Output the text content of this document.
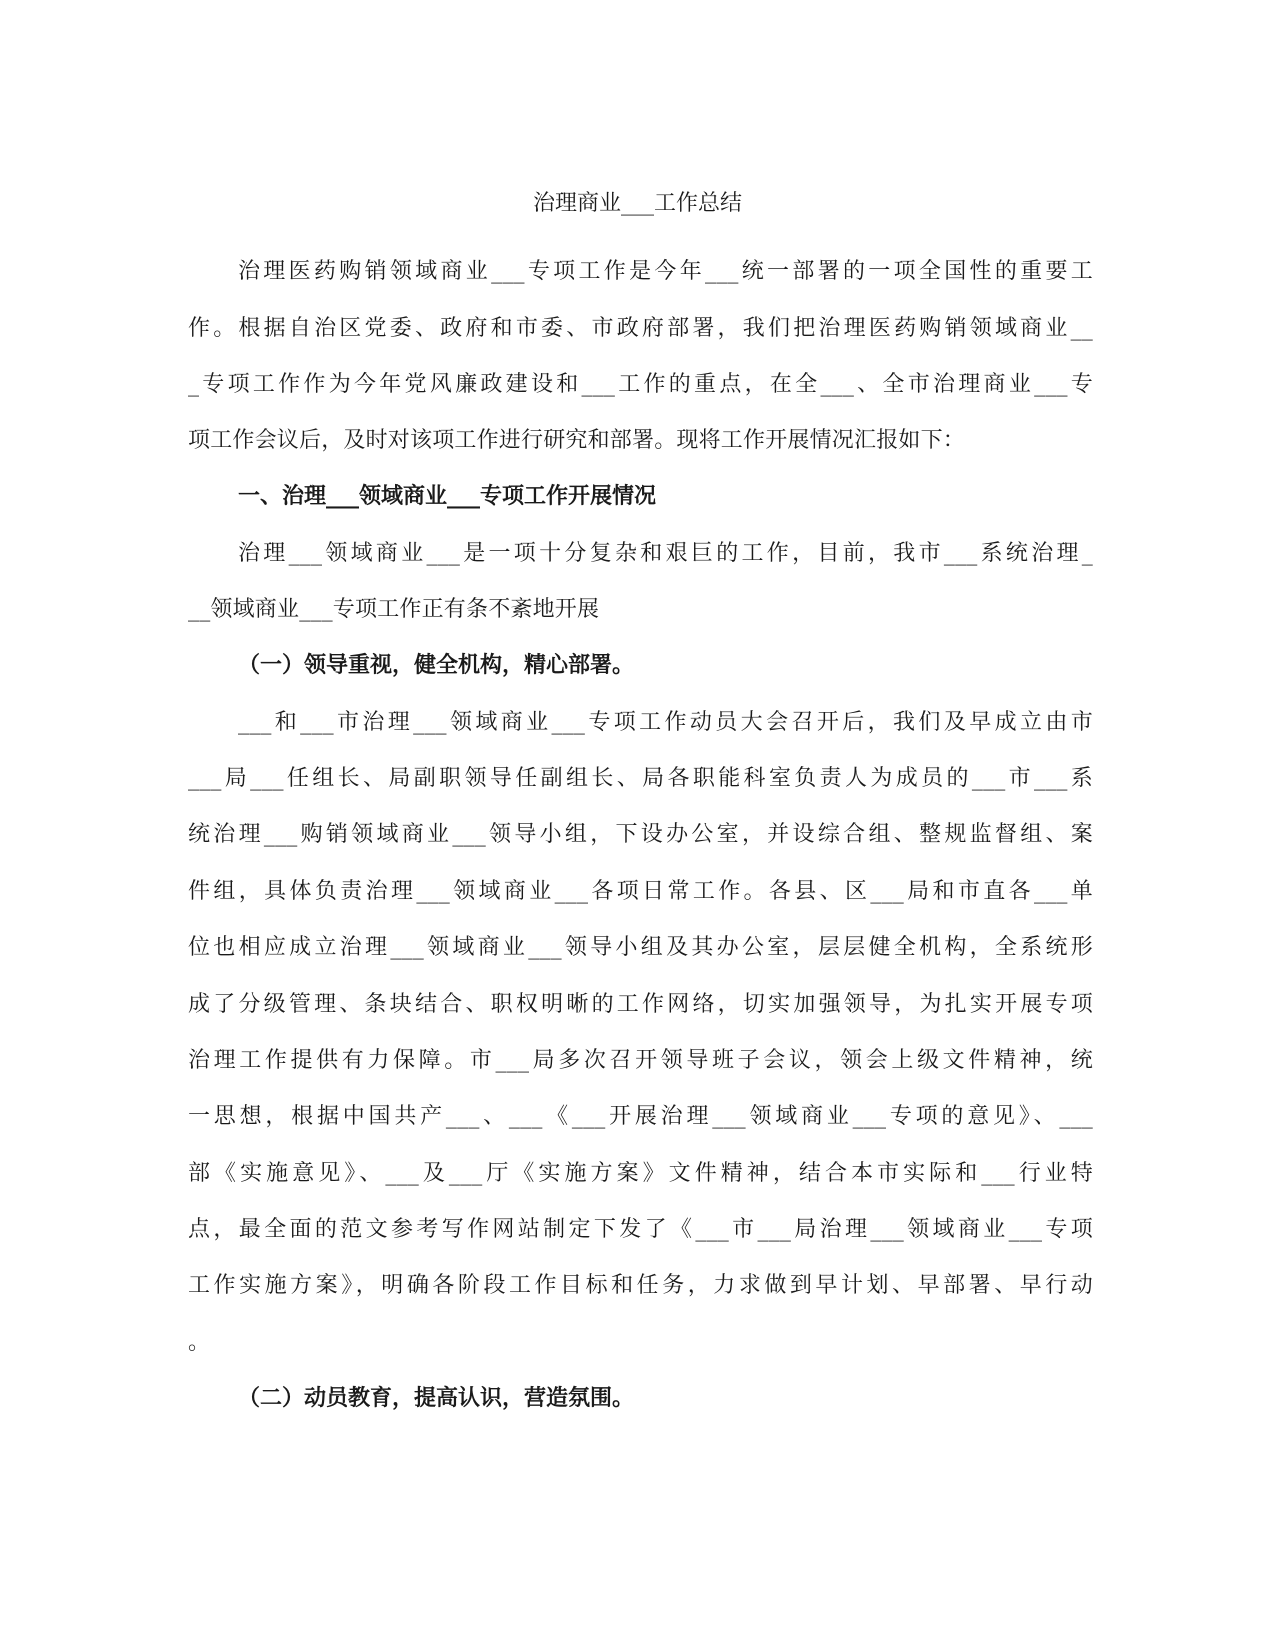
治理商业___工作总结

治理医药购销领域商业___专项工作是今年___统一部署的一项全国性的重要工

作。根据自治区党委、政府和市委、市政府部署，我们把治理医药购销领域商业__

_专项工作作为今年党风廉政建设和___工作的重点，在全___、全市治理商业___专

项工作会议后，及时对该项工作进行研究和部署。现将工作开展情况汇报如下：

一、治理___领域商业___专项工作开展情况

治理___领域商业___是一项十分复杂和艰巨的工作，目前，我市___系统治理_

__领域商业___专项工作正有条不紊地开展

（一）领导重视，健全机构，精心部署。

___和___市治理___领域商业___专项工作动员大会召开后，我们及早成立由市

___局___任组长、局副职领导任副组长、局各职能科室负责人为成员的___市___系

统治理___购销领域商业___领导小组，下设办公室，并设综合组、整规监督组、案

件组，具体负责治理___领域商业___各项日常工作。各县、区___局和市直各___单

位也相应成立治理___领域商业___领导小组及其办公室，层层健全机构，全系统形

成了分级管理、条块结合、职权明晰的工作网络，切实加强领导，为扎实开展专项

治理工作提供有力保障。市___局多次召开领导班子会议，领会上级文件精神，统

一思想，根据中国共产___、___《___开展治理___领域商业___专项的意见》、___

部《实施意见》、___及___厅《实施方案》文件精神，结合本市实际和___行业特

点，最全面的范文参考写作网站制定下发了《___市___局治理___领域商业___专项

工作实施方案》，明确各阶段工作目标和任务，力求做到早计划、早部署、早行动

。

（二）动员教育，提高认识，营造氛围。
